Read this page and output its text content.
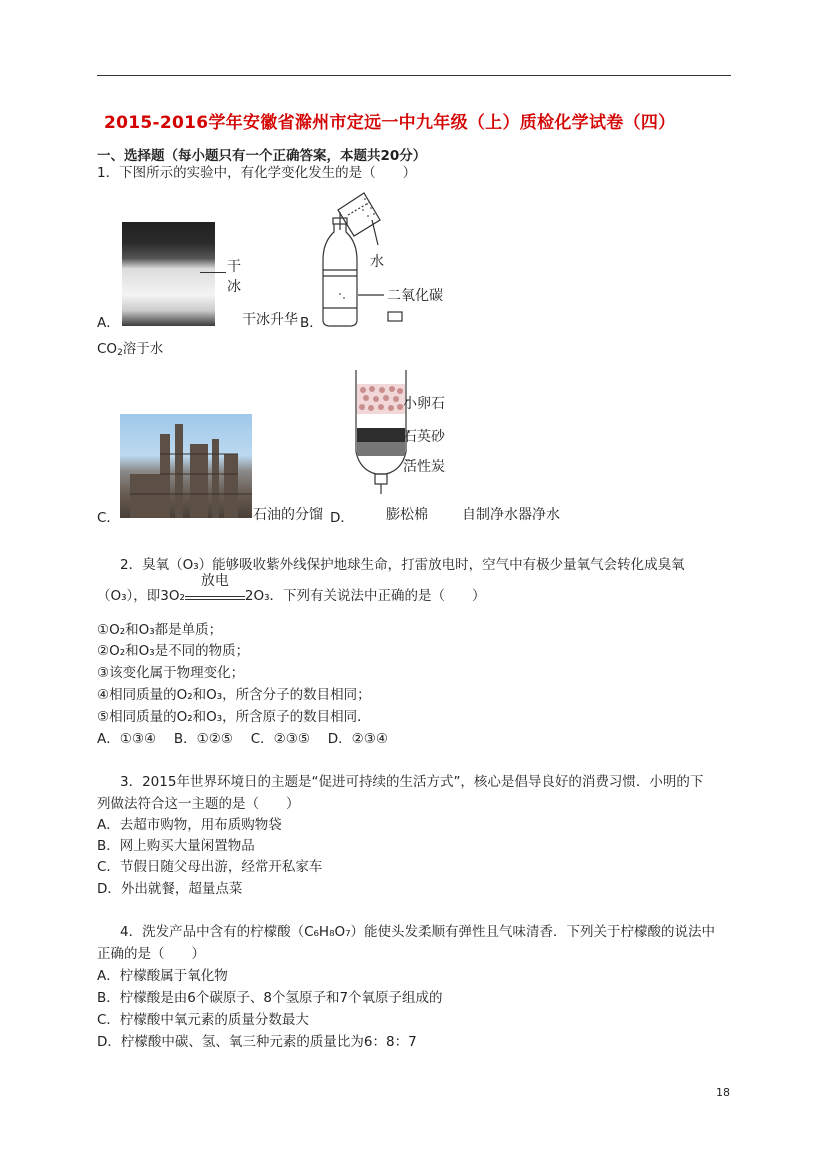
2015-2016学年安徽省滁州市定远一中九年级（上）质检化学试卷（四）
一、选择题（每小题只有一个正确答案，本题共20分）
1．下图所示的实验中，有化学变化发生的是（　　）
干
冰
A．	干冰升华 B．
水
二氧化碳
$CO_2$溶于水
C．	石油的分馏 D．
小卵石
石英砂
活性炭
膨松棉 自制净水器净水
2．臭氧（O₃）能够吸收紫外线保护地球生命，打雷放电时，空气中有极少量氧气会转化成臭氧
（O₃），即3O₂
放电
2O₃．下列有关说法中正确的是（　　）
①O₂和O₃都是单质；
②O₂和O₃是不同的物质；
③该变化属于物理变化；
④相同质量的O₂和O₃，所含分子的数目相同；
⑤相同质量的O₂和O₃，所含原子的数目相同．
A．①③④　 B．①②⑤　 C．②③⑤　 D．②③④
3．2015年世界环境日的主题是“促进可持续的生活方式”，核心是倡导良好的消费习惯．小明的下
列做法符合这一主题的是（　　）
A．去超市购物，用布质购物袋
B．网上购买大量闲置物品
C．节假日随父母出游，经常开私家车
D．外出就餐，超量点菜
4．洗发产品中含有的柠檬酸（C₆H₈O₇）能使头发柔顺有弹性且气味清香．下列关于柠檬酸的说法中
正确的是（　　）
A．柠檬酸属于氧化物
B．柠檬酸是由6个碳原子、8个氢原子和7个氧原子组成的
C．柠檬酸中氧元素的质量分数最大
D．柠檬酸中碳、氢、氧三种元素的质量比为6：8：7
18
